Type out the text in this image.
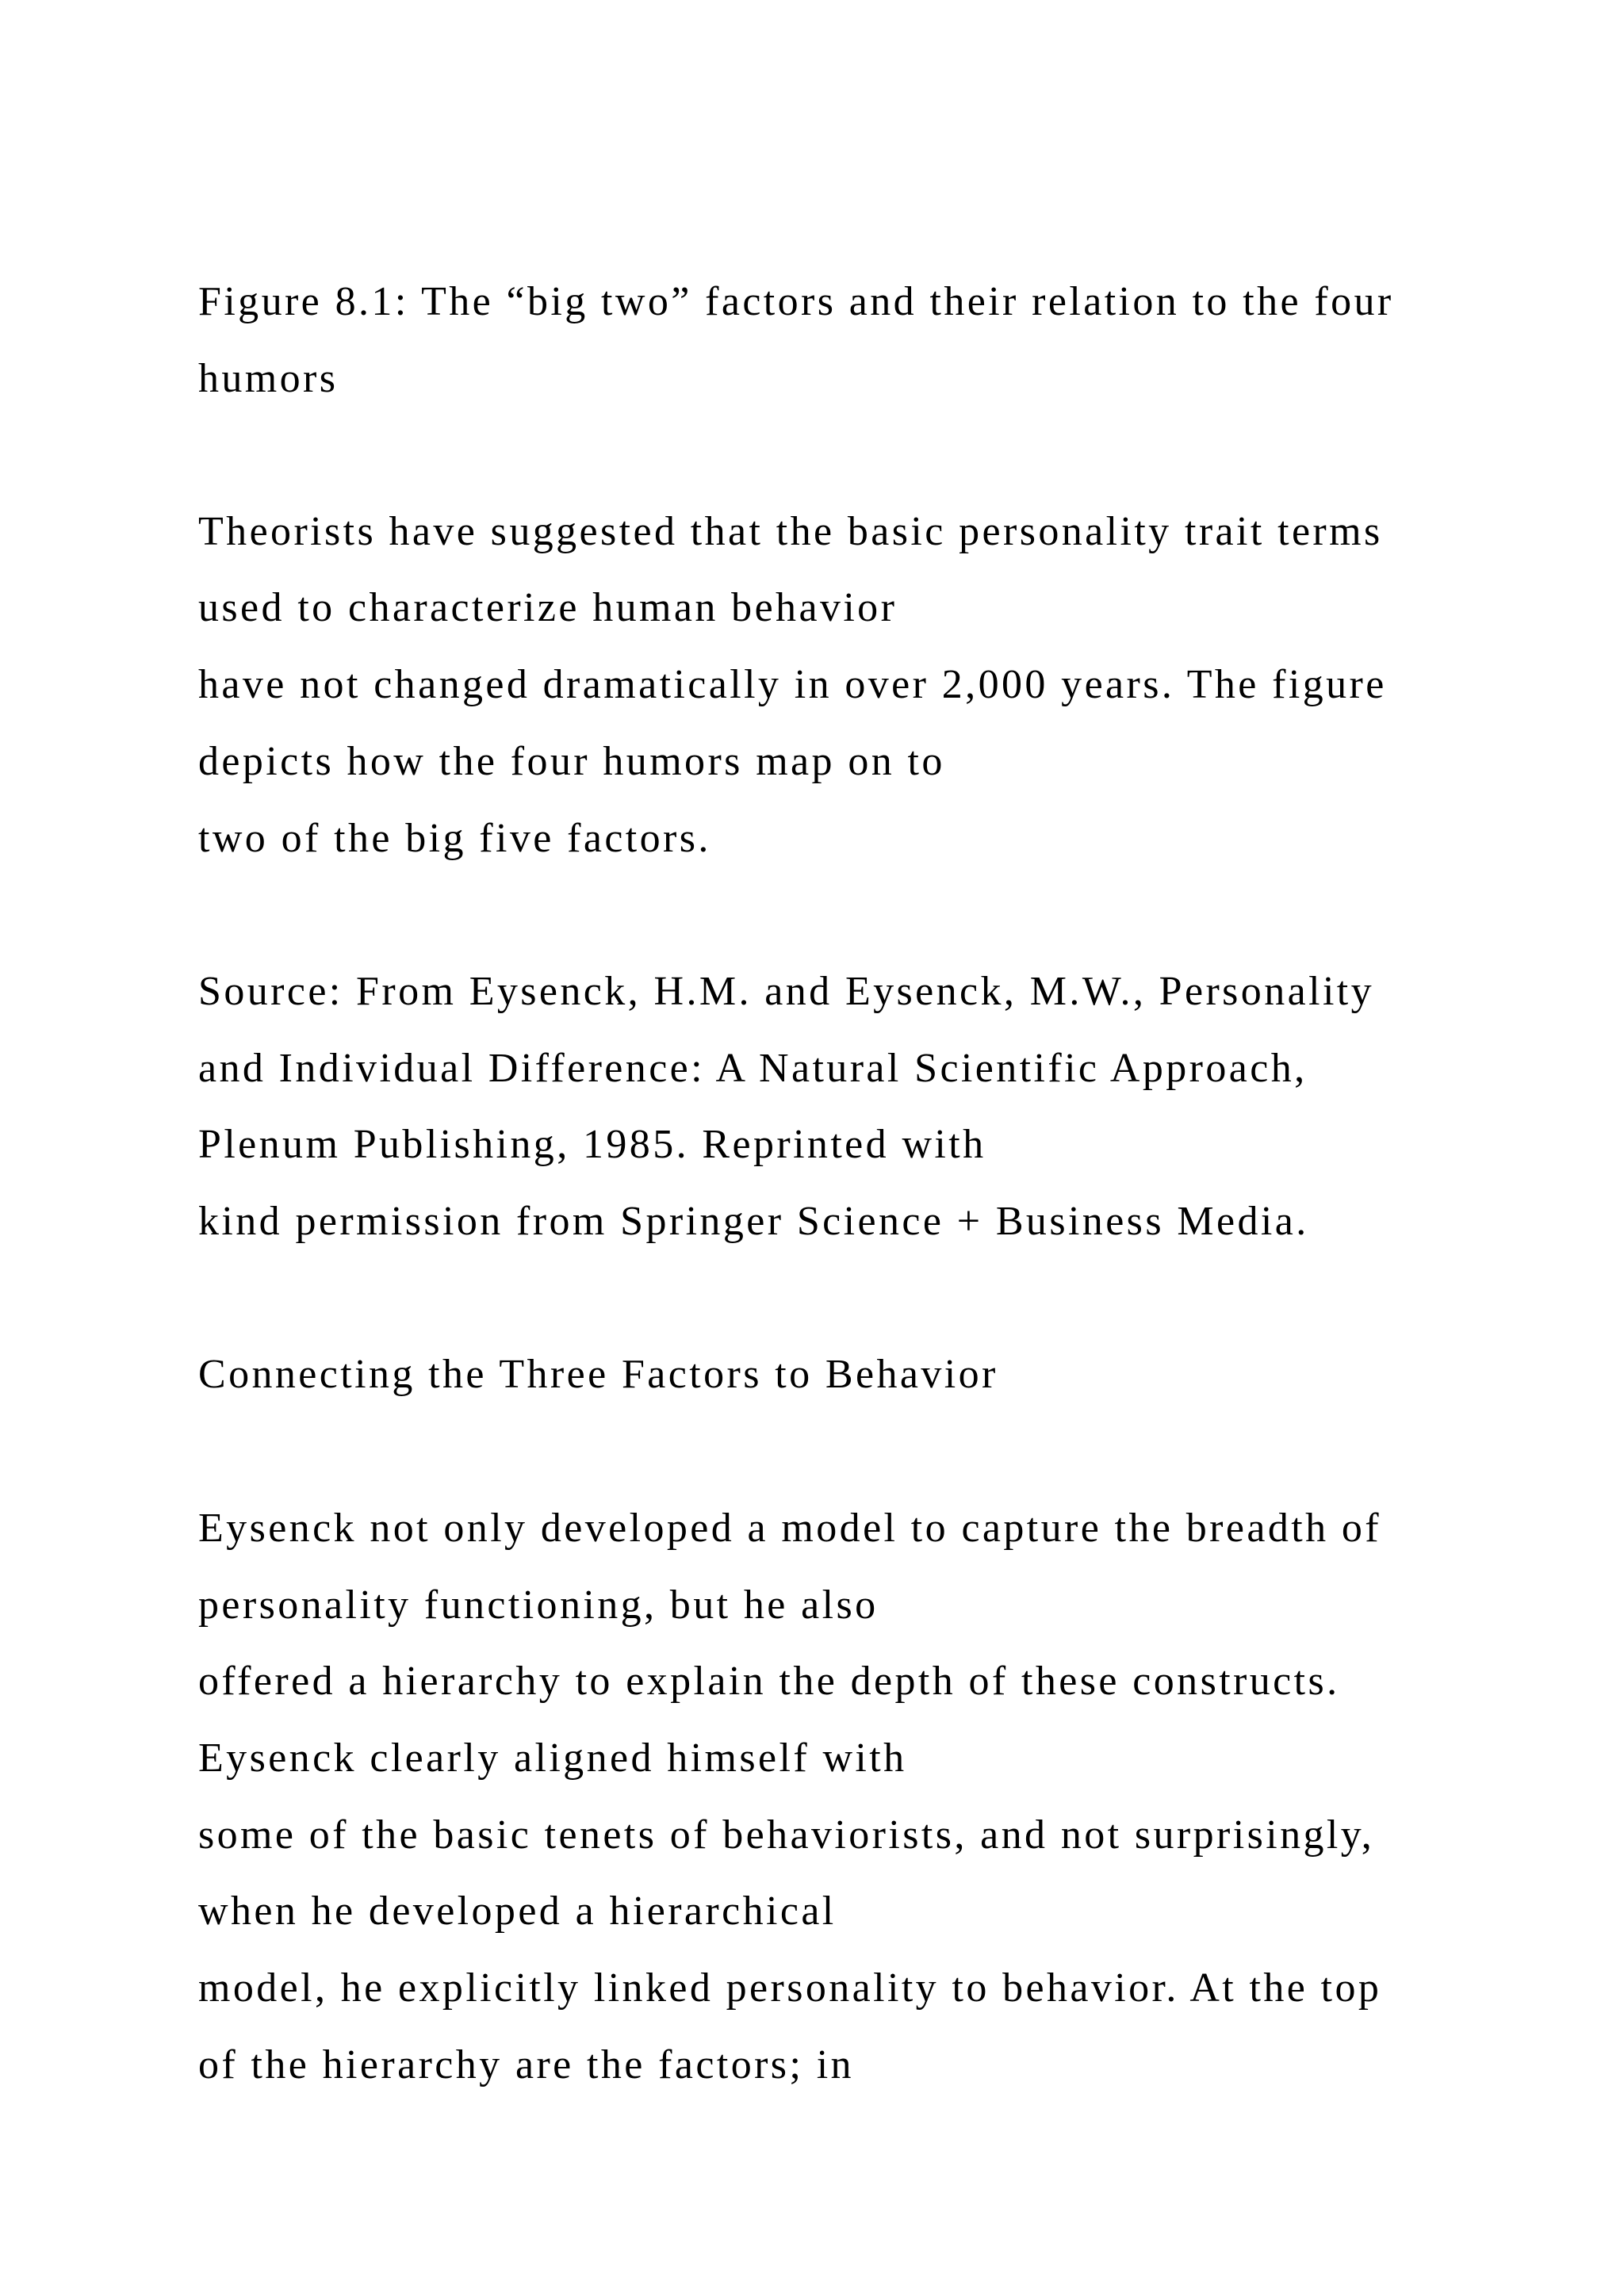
Figure 8.1: The “big two” factors and their relation to the four

humors

Theorists have suggested that the basic personality trait terms

used to characterize human behavior

have not changed dramatically in over 2,000 years. The figure

depicts how the four humors map on to

two of the big five factors.

Source: From Eysenck, H.M. and Eysenck, M.W., Personality

and Individual Difference: A Natural Scientific Approach,

Plenum Publishing, 1985. Reprinted with

kind permission from Springer Science + Business Media.

Connecting the Three Factors to Behavior

Eysenck not only developed a model to capture the breadth of

personality functioning, but he also

offered a hierarchy to explain the depth of these constructs.

Eysenck clearly aligned himself with

some of the basic tenets of behaviorists, and not surprisingly,

when he developed a hierarchical

model, he explicitly linked personality to behavior. At the top

of the hierarchy are the factors; in
